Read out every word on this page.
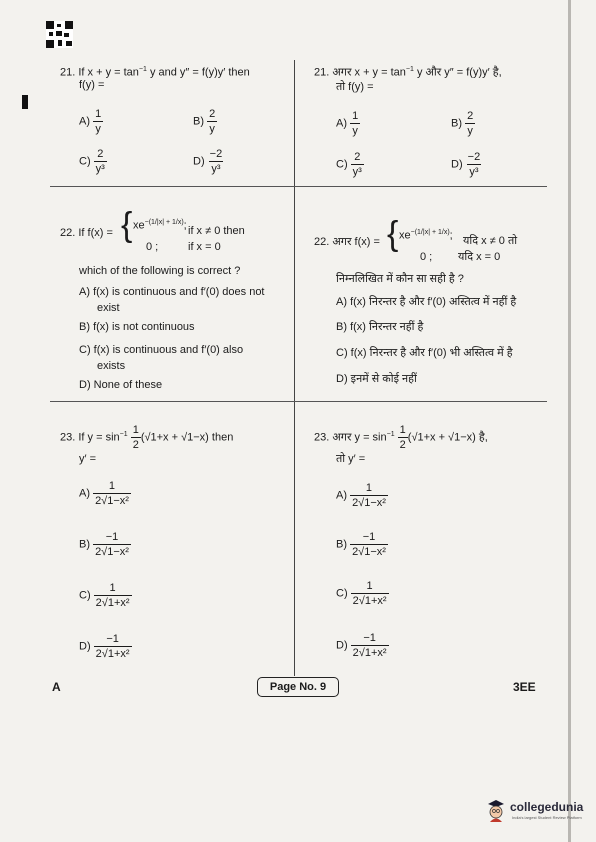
21. If $x + y = \tan^{-1} y$ and y″ = f(y)y′ then
f(y) =
21. अगर $x + y = \tan^{-1} y$ और y″ = f(y)y′ है,
तो f(y) =
$A) \frac{1}{y}$	$B) \frac{2}{y}$
$C) \frac{2}{\text{y³}}$	$D) \frac{-2}{\text{y³}}$
$A) \frac{1}{y}$	$B) \frac{2}{y}$
$C) \frac{2}{\text{y³}}$	$D) \frac{-2}{\text{y³}}$
22. If f(x) = { $xe^{-(1/|x| + 1/x)}$; if x ≠ 0 then
0 ;	if x = 0
which of the following is correct ?
A) f(x) is continuous and f′(0) does not
exist
B) f(x) is not continuous
C) f(x) is continuous and f′(0) also
exists
D) None of these
22. अगर f(x) = { $xe^{-(1/|x| + 1/x)}$; यदि x ≠ 0 तो
0 ; यदि x = 0
निम्नलिखित में कौन सा सही है ?
A) f(x) निरन्तर है और f′(0) अस्तित्व में नहीं है
B) f(x) निरन्तर नहीं है
C) f(x) निरन्तर है और f′(0) भी अस्तित्व में है
D) इनमें से कोई नहीं
23. If $y = \sin^{-1} \frac{1}{2} (√1+x + √1-x)$ then
y′ =
23. अगर $y = \sin^{-1} \frac{1}{2} (√1+x + √1-x)$ है,
तो y′ =
$A) \frac{1}{\text{2√1−x²}}$
$B) \frac{-1}{\text{2√1−x²}}$
$C) \frac{1}{\text{2√1+x²}}$
$D) \frac{-1}{\text{2√1+x²}}$
$A) \frac{1}{\text{2√1−x²}}$
$B) \frac{-1}{\text{2√1−x²}}$
$C) \frac{1}{\text{2√1+x²}}$
$D) \frac{-1}{\text{2√1+x²}}$
A	Page No. 9	3EE
collegedunia
India's largest Student Review Platform
